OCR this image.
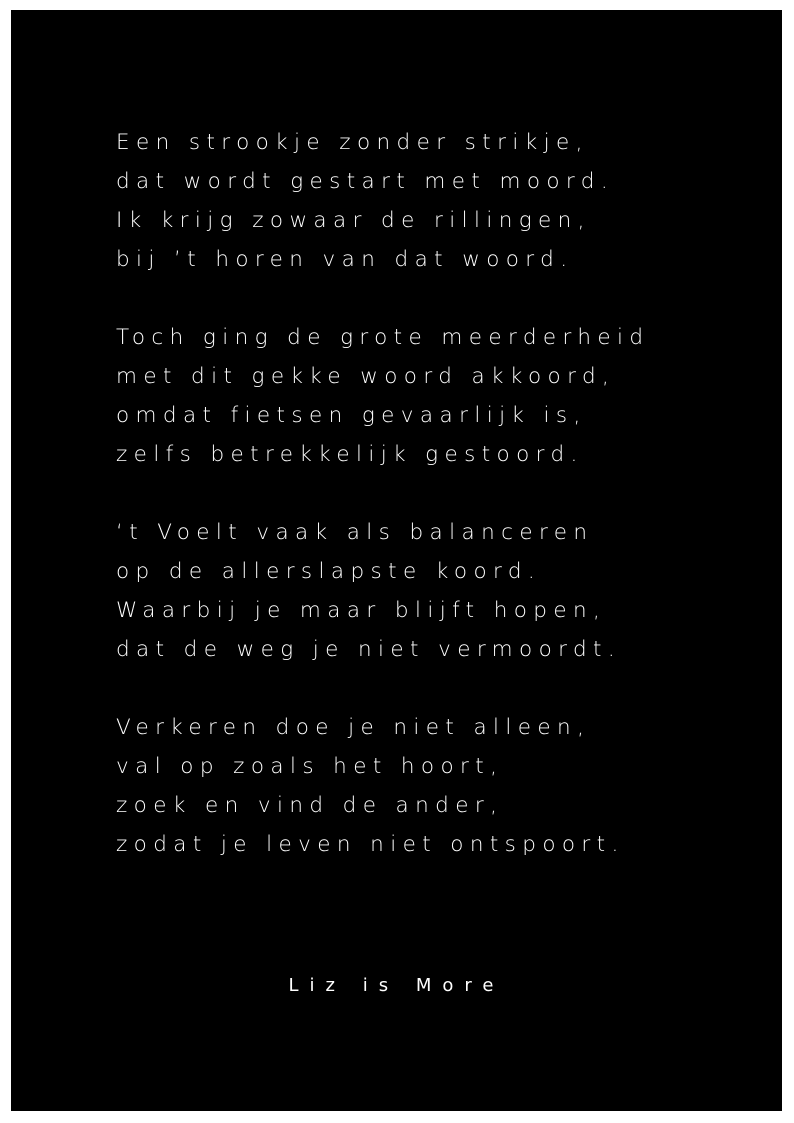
Een strookje zonder strikje,
dat wordt gestart met moord.
Ik krijg zowaar de rillingen,
bij ’t horen van dat woord.
Toch ging de grote meerderheid
met dit gekke woord akkoord,
omdat fietsen gevaarlijk is,
zelfs betrekkelijk gestoord.
‘t Voelt vaak als balanceren
op de allerslapste koord.
Waarbij je maar blijft hopen,
dat de weg je niet vermoordt.
Verkeren doe je niet alleen,
val op zoals het hoort,
zoek en vind de ander,
zodat je leven niet ontspoort.
Liz is More
